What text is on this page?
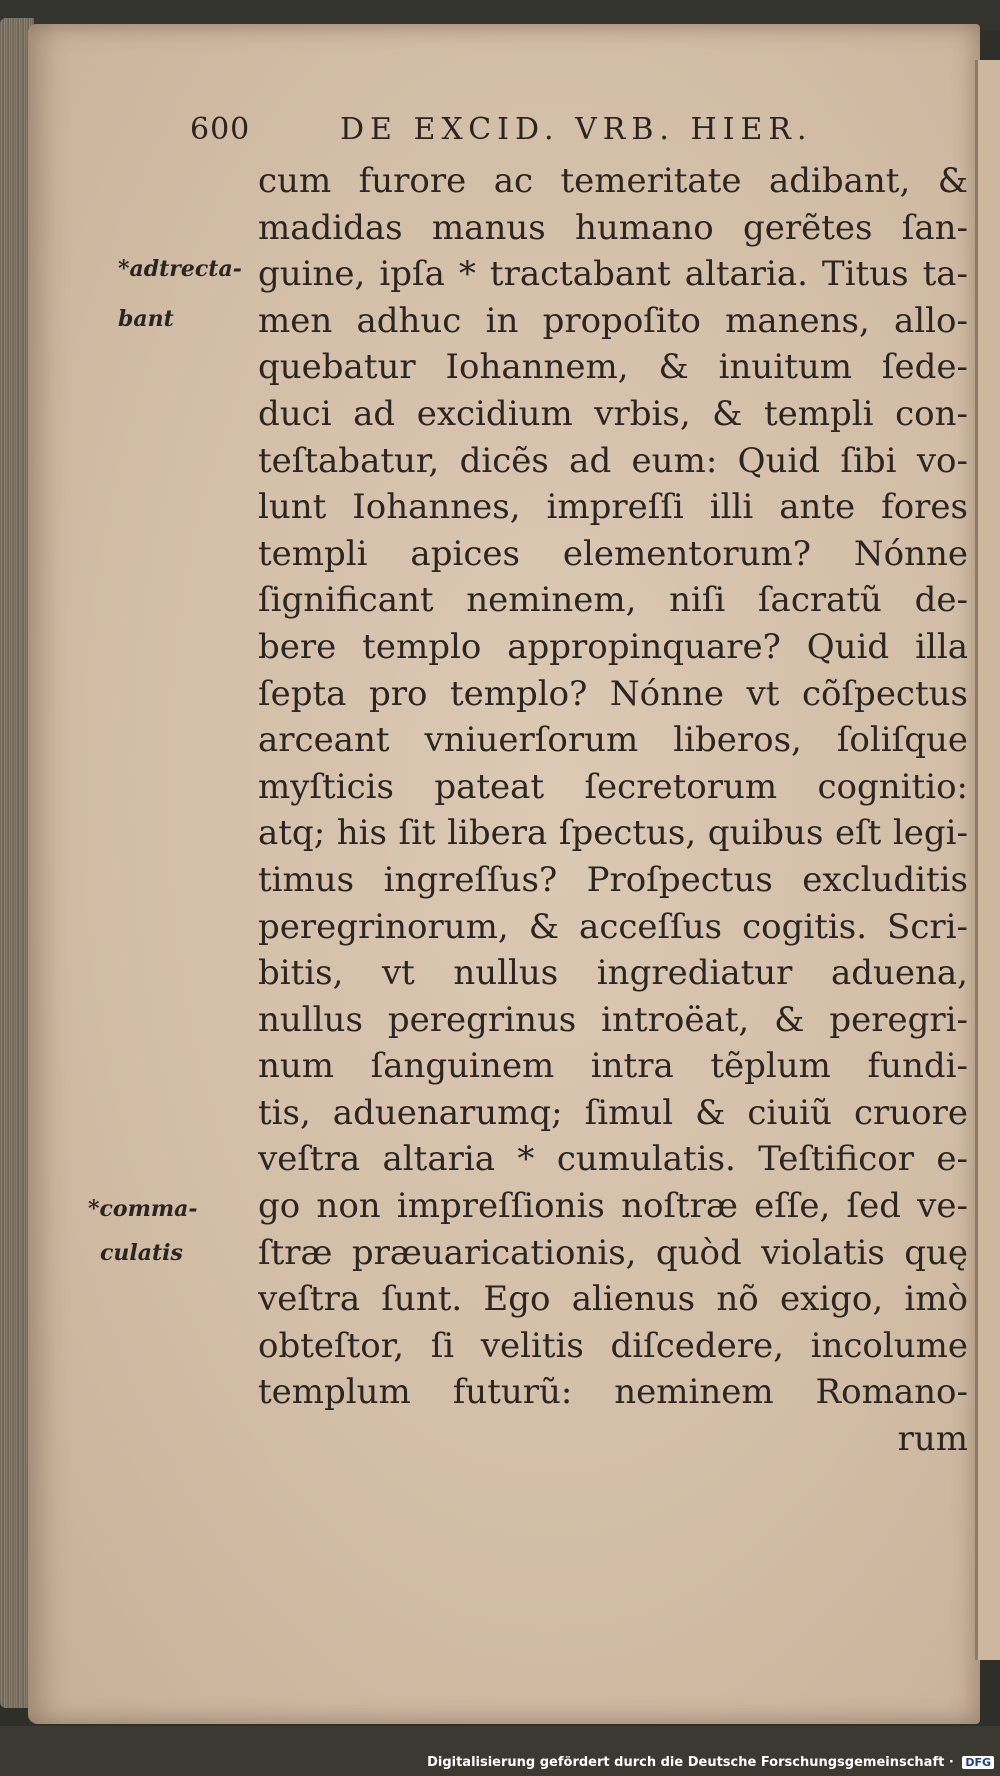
600	DE EXCID. VRB. HIER.
*adtrecta-
bant
*comma-
culatis
cum furore ac temeritate adibant, &
madidas manus humano gerẽtes ſan-
guine, ipſa * tractabant altaria. Titus ta-
men adhuc in propoſito manens, allo-
quebatur Iohannem, & inuitum ſede-
duci ad excidium vrbis, & templi con-
teſtabatur, dicẽs ad eum: Quid ſibi vo-
lunt Iohannes, impreſſi illi ante fores
templi apices elementorum? Nónne
ſignificant neminem, niſi ſacratũ de-
bere templo appropinquare? Quid illa
ſepta pro templo? Nónne vt cõſpectus
arceant vniuerſorum liberos, ſoliſque
myſticis pateat ſecretorum cognitio:
atq; his ſit libera ſpectus, quibus eſt legi-
timus ingreſſus? Proſpectus excluditis
peregrinorum, & acceſſus cogitis. Scri-
bitis, vt nullus ingrediatur aduena,
nullus peregrinus introëat, & peregri-
num ſanguinem intra tẽplum fundi-
tis, aduenarumq; ſimul & ciuiũ cruore
veſtra altaria * cumulatis. Teſtificor e-
go non impreſſionis noſtræ eſſe, ſed ve-
ſtræ præuaricationis, quòd violatis quę
veſtra ſunt. Ego alienus nõ exigo, imò
obteſtor, ſi velitis diſcedere, incolume
templum futurũ: neminem Romano-
rum
Digitalisierung gefördert durch die Deutsche Forschungsgemeinschaft · DFG
